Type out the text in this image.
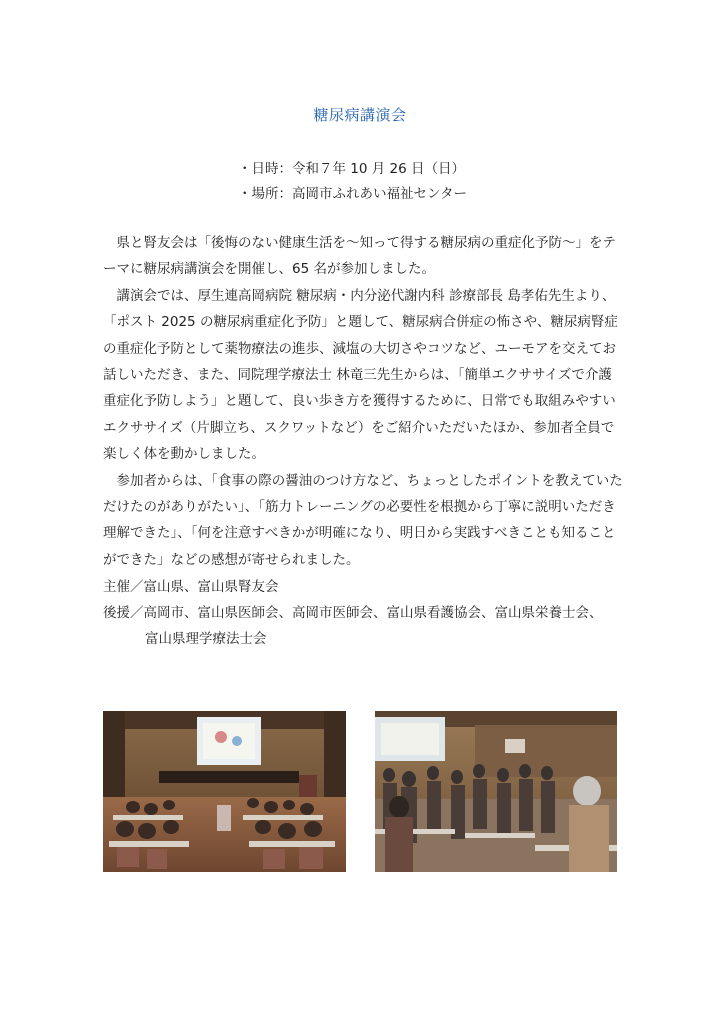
糖尿病講演会
・日時：令和７年 10 月 26 日（日）
・場所：高岡市ふれあい福祉センター

県と腎友会は「後悔のない健康生活を〜知って得する糖尿病の重症化予防〜」をテーマに糖尿病講演会を開催し、65 名が参加しました。

講演会では、厚生連高岡病院 糖尿病・内分泌代謝内科 診療部長 島孝佑先生より、「ポスト 2025 の糖尿病重症化予防」と題して、糖尿病合併症の怖さや、糖尿病腎症の重症化予防として薬物療法の進歩、減塩の大切さやコツなど、ユーモアを交えてお話しいただき、また、同院理学療法士 林竜三先生からは、「簡単エクササイズで介護重症化予防しよう」と題して、良い歩き方を獲得するために、日常でも取組みやすいエクササイズ（片脚立ち、スクワットなど）をご紹介いただいたほか、参加者全員で楽しく体を動かしました。

参加者からは、「食事の際の醤油のつけ方など、ちょっとしたポイントを教えていただけたのがありがたい」、「筋力トレーニングの必要性を根拠から丁寧に説明いただき理解できた」、「何を注意すべきかが明確になり、明日から実践すべきことも知ることができた」などの感想が寄せられました。

主催／富山県、富山県腎友会
後援／高岡市、富山県医師会、高岡市医師会、富山県看護協会、富山県栄養士会、
富山県理学療法士会
